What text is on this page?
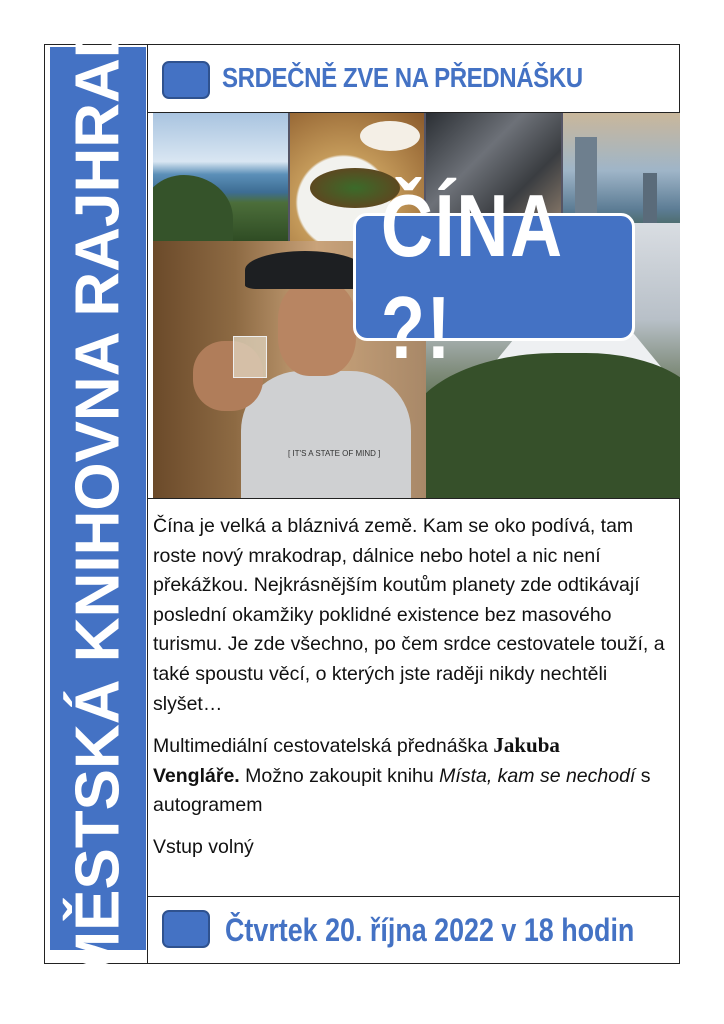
MĚSTSKÁ KNIHOVNA RAJHRAD	SRDEČNĚ ZVE NA PŘEDNÁŠKU
[ IT'S A STATE OF MIND ]
ČÍNA ?!

Čína je velká a bláznivá země. Kam se oko podívá, tam roste nový mrakodrap, dálnice nebo hotel a nic není překážkou. Nejkrásnějším koutům planety zde odtikávají poslední okamžiky poklidné existence bez masového turismu. Je zde všechno, po čem srdce cestovatele touží, a také spoustu věcí, o kterých jste raději nikdy nechtěli slyšet…

Multimediální cestovatelská přednáška Jakuba
Vengláře. Možno zakoupit knihu Místa, kam se nechodí s autogramem

Vstup volný

Čtvrtek 20. října 2022 v 18 hodin
